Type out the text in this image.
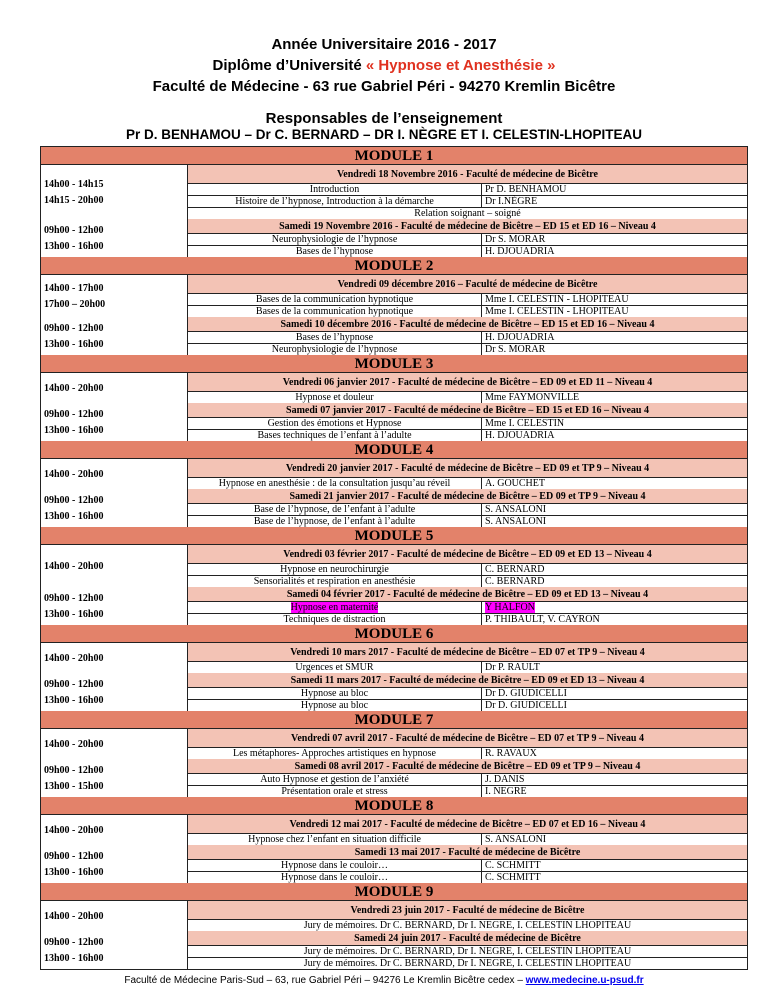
Année Universitaire 2016 - 2017
Diplôme d’Université « Hypnose et Anesthésie »
Faculté de Médecine - 63 rue Gabriel Péri - 94270 Kremlin Bicêtre
Responsables de l’enseignement
Pr D. BENHAMOU – Dr C. BERNARD – DR I. NÈGRE ET I. CELESTIN-LHOPITEAU
MODULE 1
14h00 - 14h15
14h15 - 20h00
Vendredi 18 Novembre 2016 - Faculté de médecine de Bicêtre
Introduction	Pr D. BENHAMOU
Histoire de l’hypnose, Introduction à la démarche	Dr I.NÈGRE
Relation soignant – soigné
09h00 - 12h00
13h00 - 16h00
Samedi 19 Novembre 2016 - Faculté de médecine de Bicêtre – ED 15 et ED 16 – Niveau 4
Neurophysiologie de l’hypnose	Dr S. MORAR
Bases de l’hypnose	H. DJOUADRIA
MODULE 2
14h00 - 17h00
17h00 – 20h00
Vendredi 09 décembre 2016 – Faculté de médecine de Bicêtre
Bases de la communication hypnotique	Mme I. CELESTIN - LHOPITEAU
Bases de la communication hypnotique	Mme I. CELESTIN - LHOPITEAU
09h00 - 12h00
13h00 - 16h00
Samedi 10 décembre 2016 - Faculté de médecine de Bicêtre – ED 15 et ED 16 – Niveau 4
Bases de l’hypnose	H. DJOUADRIA
Neurophysiologie de l’hypnose	Dr S. MORAR
MODULE 3
14h00 - 20h00	Vendredi 06 janvier 2017 - Faculté de médecine de Bicêtre – ED 09 et ED 11 – Niveau 4
Hypnose et douleur	Mme FAYMONVILLE
09h00 - 12h00
13h00 - 16h00
Samedi 07 janvier 2017 - Faculté de médecine de Bicêtre – ED 15 et ED 16 – Niveau 4
Gestion des émotions et Hypnose	Mme I. CELESTIN
Bases techniques de l’enfant à l’adulte	H. DJOUADRIA
MODULE 4
14h00 - 20h00	Vendredi 20 janvier 2017 - Faculté de médecine de Bicêtre – ED 09 et TP 9 – Niveau 4
Hypnose en anesthésie : de la consultation jusqu’au réveil	A. GOUCHET
09h00 - 12h00
13h00 - 16h00
Samedi 21 janvier 2017 - Faculté de médecine de Bicêtre – ED 09 et TP 9 – Niveau 4
Base de l’hypnose, de l’enfant à l’adulte	S. ANSALONI
Base de l’hypnose, de l’enfant à l’adulte	S. ANSALONI
MODULE 5
14h00 - 20h00
Vendredi 03 février 2017 - Faculté de médecine de Bicêtre – ED 09 et ED 13 – Niveau 4
Hypnose en neurochirurgie	C. BERNARD
Sensorialités et respiration en anesthésie	C. BERNARD
09h00 - 12h00
13h00 - 16h00
Samedi 04 février 2017 - Faculté de médecine de Bicêtre – ED 09 et ED 13 – Niveau 4
Hypnose en maternité	Y HALFON
Techniques de distraction	P. THIBAULT, V. CAYRON
MODULE 6
14h00 - 20h00	Vendredi 10 mars 2017 - Faculté de médecine de Bicêtre – ED 07 et TP 9 – Niveau 4
Urgences et SMUR	Dr P. RAULT
09h00 - 12h00
13h00 - 16h00
Samedi 11 mars 2017 - Faculté de médecine de Bicêtre – ED 09 et ED 13 – Niveau 4
Hypnose au bloc	Dr D. GIUDICELLI
Hypnose au bloc	Dr D. GIUDICELLI
MODULE 7
14h00 - 20h00	Vendredi 07 avril 2017 - Faculté de médecine de Bicêtre – ED 07 et TP 9 – Niveau 4
Les métaphores- Approches artistiques en hypnose	R. RAVAUX
09h00 - 12h00
13h00 - 15h00
Samedi 08 avril 2017 - Faculté de médecine de Bicêtre – ED 09 et TP 9 – Niveau 4
Auto Hypnose et gestion de l’anxiété	J. DANIS
Présentation orale et stress	I. NEGRE
MODULE 8
14h00 - 20h00	Vendredi 12 mai 2017 - Faculté de médecine de Bicêtre – ED 07 et ED 16 – Niveau 4
Hypnose chez l’enfant en situation difficile	S. ANSALONI
09h00 - 12h00
13h00 - 16h00
Samedi 13 mai 2017 - Faculté de médecine de Bicêtre
Hypnose dans le couloir…	C. SCHMITT
Hypnose dans le couloir…	C. SCHMITT
MODULE 9
14h00 - 20h00	Vendredi 23 juin 2017 - Faculté de médecine de Bicêtre
Jury de mémoires. Dr C. BERNARD, Dr I. NEGRE, I. CELESTIN LHOPITEAU
09h00 - 12h00
13h00 - 16h00
Samedi 24 juin 2017 - Faculté de médecine de Bicêtre
Jury de mémoires. Dr C. BERNARD, Dr I. NEGRE, I. CELESTIN LHOPITEAU
Jury de mémoires. Dr C. BERNARD, Dr I. NEGRE, I. CELESTIN LHOPITEAU
Faculté de Médecine Paris-Sud – 63, rue Gabriel Péri – 94276 Le Kremlin Bicêtre cedex – www.medecine.u-psud.fr
